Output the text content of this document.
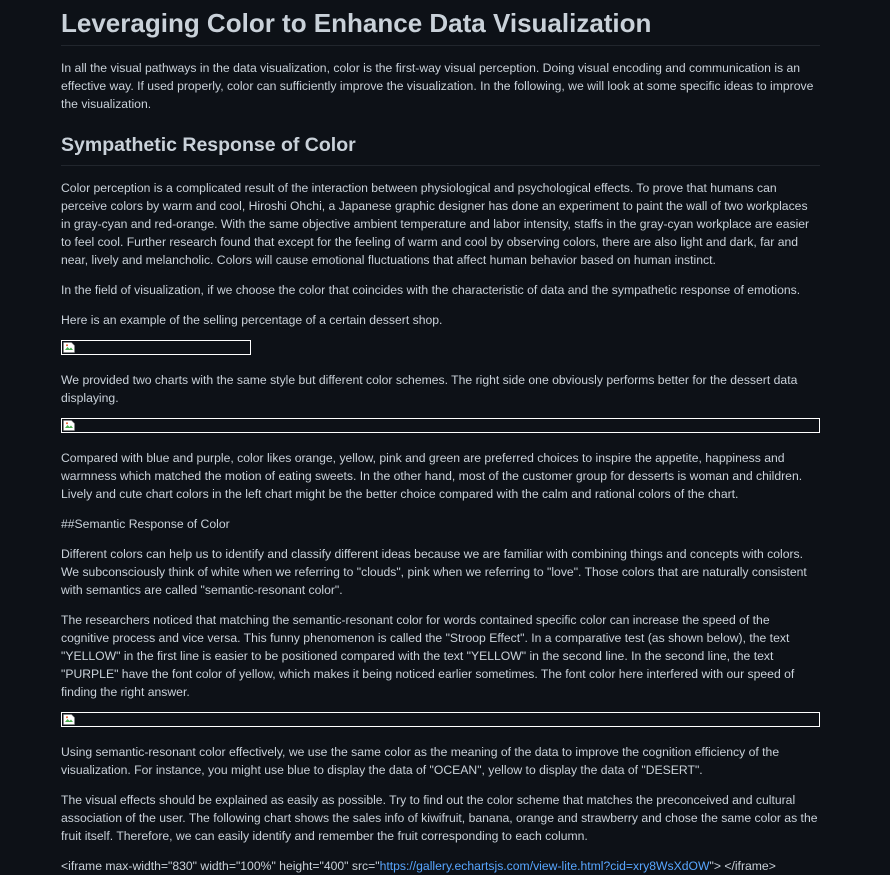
Leveraging Color to Enhance Data Visualization

In all the visual pathways in the data visualization, color is the first-way visual perception. Doing visual encoding and communication is an effective way. If used properly, color can sufficiently improve the visualization. In the following, we will look at some specific ideas to improve the visualization.

Sympathetic Response of Color

Color perception is a complicated result of the interaction between physiological and psychological effects. To prove that humans can perceive colors by warm and cool, Hiroshi Ohchi, a Japanese graphic designer has done an experiment to paint the wall of two workplaces in gray-cyan and red-orange. With the same objective ambient temperature and labor intensity, staffs in the gray-cyan workplace are easier to feel cool. Further research found that except for the feeling of warm and cool by observing colors, there are also light and dark, far and near, lively and melancholic. Colors will cause emotional fluctuations that affect human behavior based on human instinct.

In the field of visualization, if we choose the color that coincides with the characteristic of data and the sympathetic response of emotions.

Here is an example of the selling percentage of a certain dessert shop.

We provided two charts with the same style but different color schemes. The right side one obviously performs better for the dessert data displaying.

Compared with blue and purple, color likes orange, yellow, pink and green are preferred choices to inspire the appetite, happiness and warmness which matched the motion of eating sweets. In the other hand, most of the customer group for desserts is woman and children. Lively and cute chart colors in the left chart might be the better choice compared with the calm and rational colors of the chart.

##Semantic Response of Color

Different colors can help us to identify and classify different ideas because we are familiar with combining things and concepts with colors. We subconsciously think of white when we referring to "clouds", pink when we referring to "love". Those colors that are naturally consistent with semantics are called "semantic-resonant color".

The researchers noticed that matching the semantic-resonant color for words contained specific color can increase the speed of the cognitive process and vice versa. This funny phenomenon is called the "Stroop Effect". In a comparative test (as shown below), the text "YELLOW" in the first line is easier to be positioned compared with the text "YELLOW" in the second line. In the second line, the text "PURPLE" have the font color of yellow, which makes it being noticed earlier sometimes. The font color here interfered with our speed of finding the right answer.

Using semantic-resonant color effectively, we use the same color as the meaning of the data to improve the cognition efficiency of the visualization. For instance, you might use blue to display the data of "OCEAN", yellow to display the data of "DESERT".

The visual effects should be explained as easily as possible. Try to find out the color scheme that matches the preconceived and cultural association of the user. The following chart shows the sales info of kiwifruit, banana, orange and strawberry and chose the same color as the fruit itself. Therefore, we can easily identify and remember the fruit corresponding to each column.

<iframe max-width="830" width="100%" height="400" src="https://gallery.echartsjs.com/view-lite.html?cid=xry8WsXdOW"> </iframe>
